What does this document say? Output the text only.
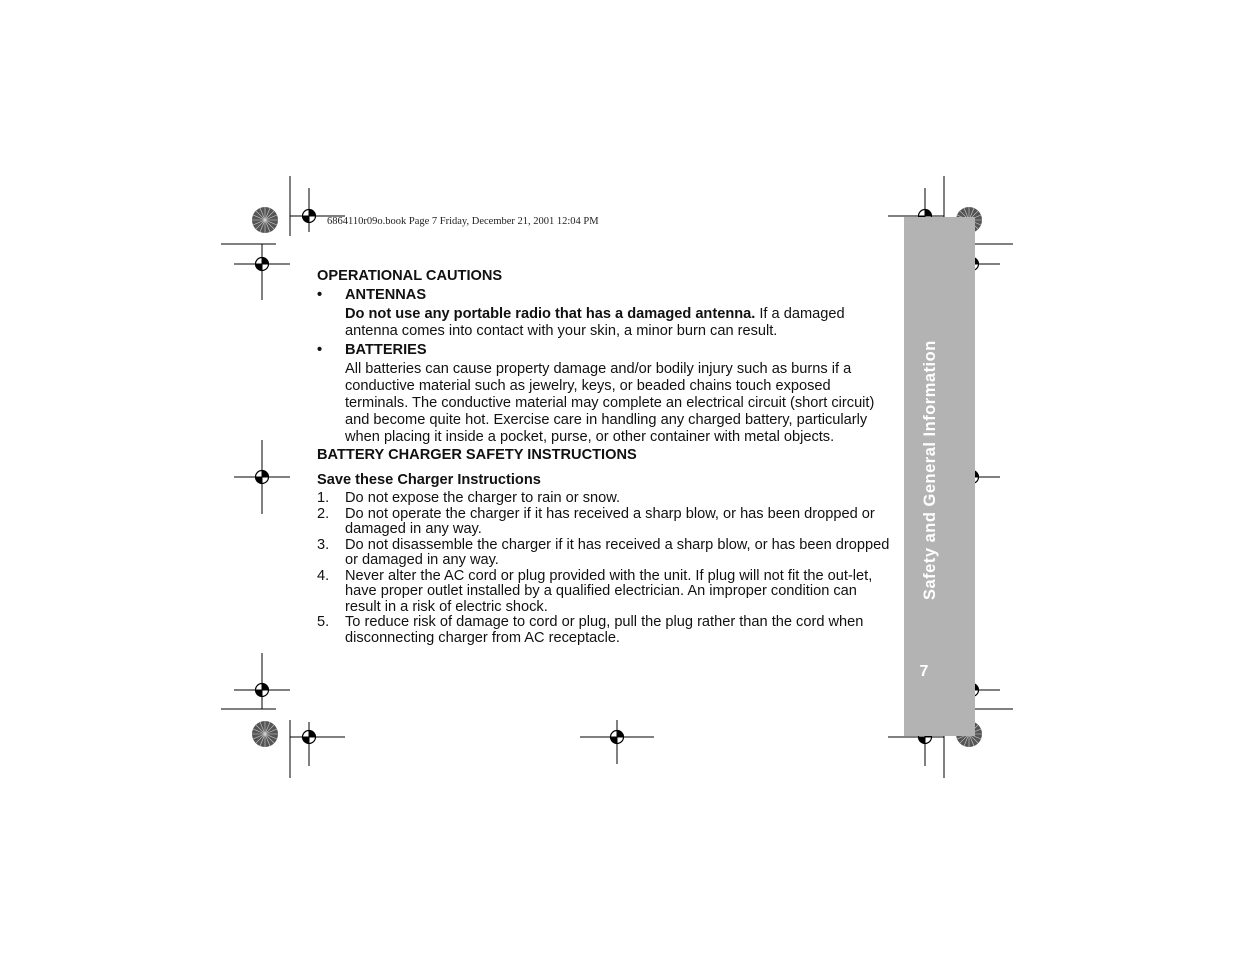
6864110r09o.book Page 7 Friday, December 21, 2001 12:04 PM
Safety and General Information
7
OPERATIONAL CAUTIONS
• ANTENNAS
Do not use any portable radio that has a damaged antenna. If a damaged antenna comes into contact with your skin, a minor burn can result.
• BATTERIES
All batteries can cause property damage and/or bodily injury such as burns if a conductive material such as jewelry, keys, or beaded chains touch exposed terminals. The conductive material may complete an electrical circuit (short circuit) and become quite hot. Exercise care in handling any charged battery, particularly when placing it inside a pocket, purse, or other container with metal objects.
BATTERY CHARGER SAFETY INSTRUCTIONS
Save these Charger Instructions
1. Do not expose the charger to rain or snow.
2. Do not operate the charger if it has received a sharp blow, or has been dropped or damaged in any way.
3. Do not disassemble the charger if it has received a sharp blow, or has been dropped or damaged in any way.
4. Never alter the AC cord or plug provided with the unit. If plug will not fit the out-let, have proper outlet installed by a qualified electrician. An improper condition can result in a risk of electric shock.
5. To reduce risk of damage to cord or plug, pull the plug rather than the cord when disconnecting charger from AC receptacle.
